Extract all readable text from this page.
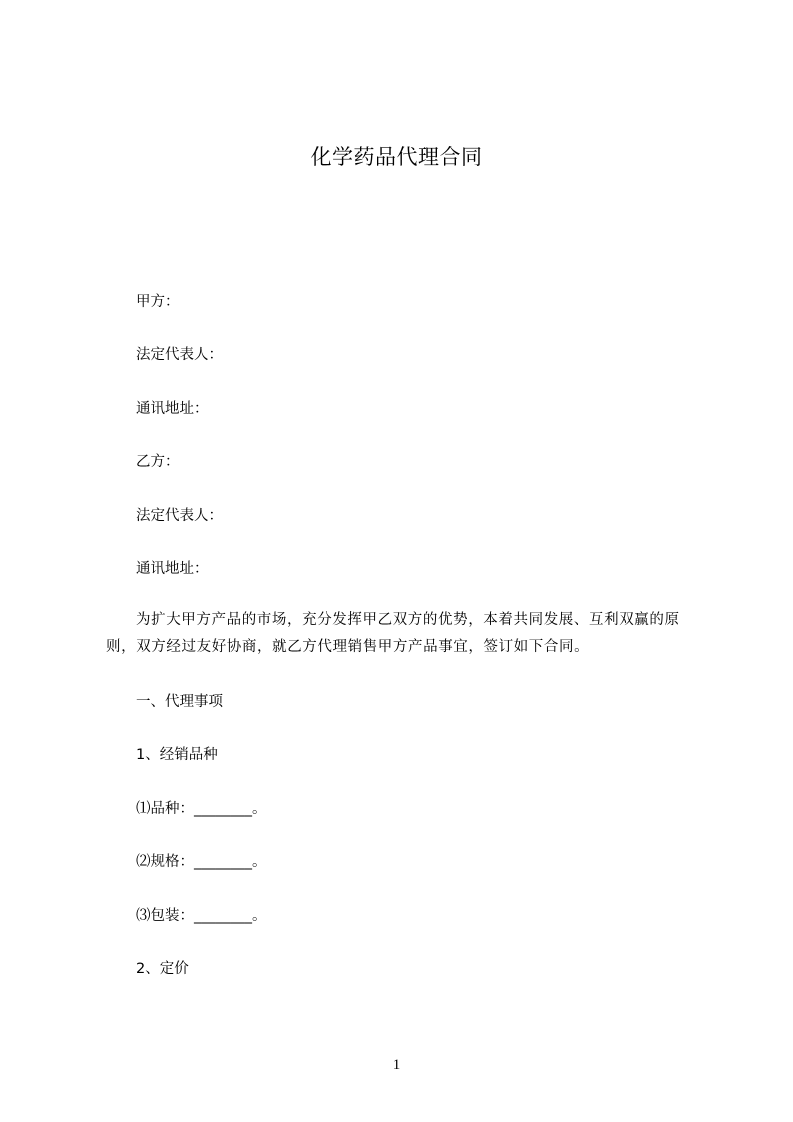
化学药品代理合同
甲方：
法定代表人：
通讯地址：
乙方：
法定代表人：
通讯地址：
为扩大甲方产品的市场，充分发挥甲乙双方的优势，本着共同发展、互利双赢的原则，双方经过友好协商，就乙方代理销售甲方产品事宜，签订如下合同。
一、代理事项
1、经销品种
⑴品种：________。
⑵规格：________。
⑶包装：________。
2、定价
1
